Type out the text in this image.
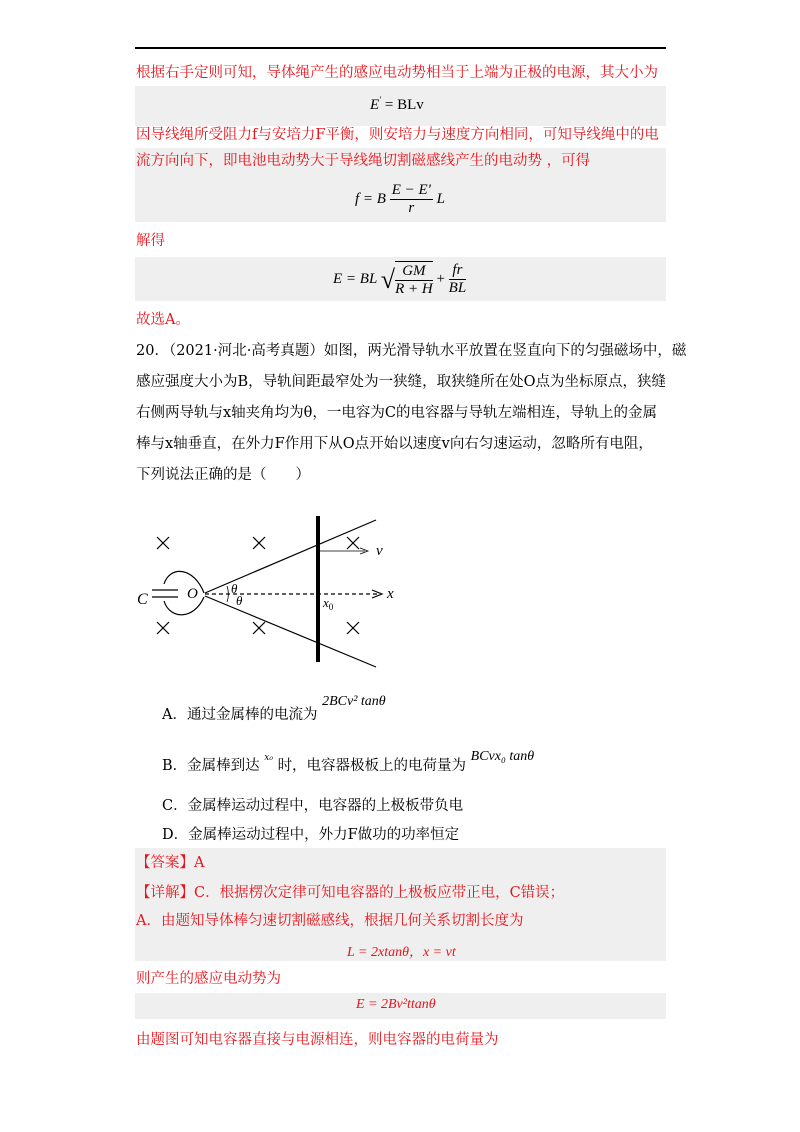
根据右手定则可知，导体绳产生的感应电动势相当于上端为正极的电源，其大小为
E' = BLv
因导线绳所受阻力f与安培力F平衡，则安培力与速度方向相同，可知导线绳中的电
流方向向下，即电池电动势大于导线绳切割磁感线产生的电动势 ，可得
f = B $\frac{E - E'}{r}$ L
解得
E = BL √ $\frac{GM}{R + H} + \frac{fr}{BL}$
故选A。
20．（2021·河北·高考真题）如图，两光滑导轨水平放置在竖直向下的匀强磁场中，磁
感应强度大小为B，导轨间距最窄处为一狭缝，取狭缝所在处O点为坐标原点，狭缝
右侧两导轨与x轴夹角均为θ，一电容为C的电容器与导轨左端相连，导轨上的金属
棒与x轴垂直，在外力F作用下从O点开始以速度v向右匀速运动，忽略所有电阻，
下列说法正确的是（　　）
C	O	θ
θ
v
x
$x_0$
A．通过金属棒的电流为 2BCv² tanθ
B．金属棒到达 $^{x_0}$ 时，电容器极板上的电荷量为 BCvx₀ tanθ
C．金属棒运动过程中，电容器的上极板带负电
D．金属棒运动过程中，外力F做功的功率恒定
【答案】A
【详解】C．根据楞次定律可知电容器的上极板应带正电，C错误；
A．由题知导体棒匀速切割磁感线，根据几何关系切割长度为
L = 2xtanθ，x = vt
则产生的感应电动势为
E = 2Bv²ttanθ
由题图可知电容器直接与电源相连，则电容器的电荷量为
